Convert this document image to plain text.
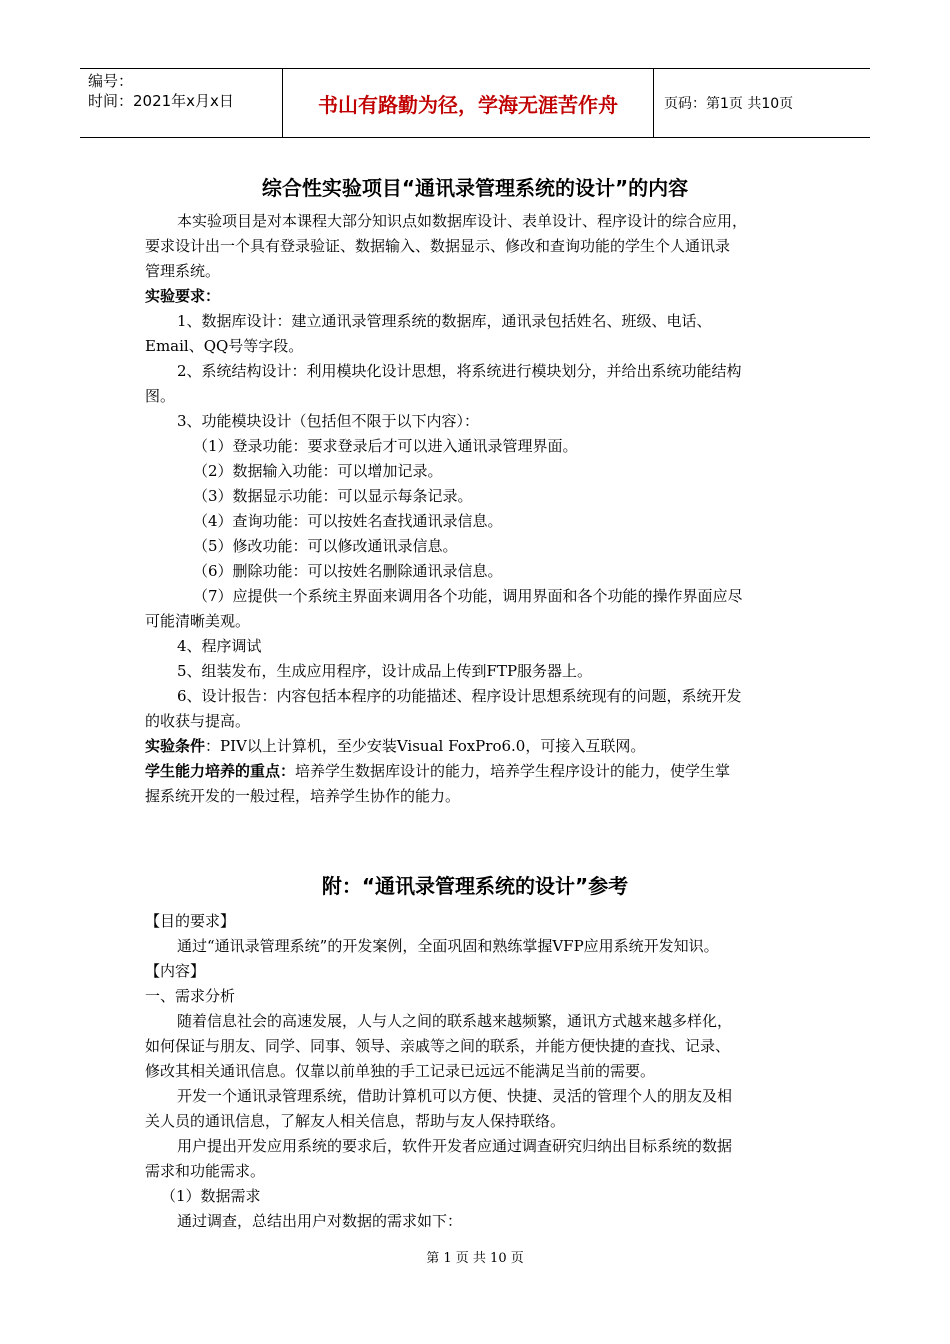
编号：
时间：2021年x月x日	书山有路勤为径，学海无涯苦作舟	页码：第1页 共10页
综合性实验项目“通讯录管理系统的设计”的内容
本实验项目是对本课程大部分知识点如数据库设计、表单设计、程序设计的综合应用，
要求设计出一个具有登录验证、数据输入、数据显示、修改和查询功能的学生个人通讯录
管理系统。
实验要求：
1、数据库设计：建立通讯录管理系统的数据库，通讯录包括姓名、班级、电话、
Email、QQ号等字段。
2、系统结构设计：利用模块化设计思想，将系统进行模块划分，并给出系统功能结构
图。
3、功能模块设计（包括但不限于以下内容）：
（1）登录功能：要求登录后才可以进入通讯录管理界面。
（2）数据输入功能：可以增加记录。
（3）数据显示功能：可以显示每条记录。
（4）查询功能：可以按姓名查找通讯录信息。
（5）修改功能：可以修改通讯录信息。
（6）删除功能：可以按姓名删除通讯录信息。
（7）应提供一个系统主界面来调用各个功能，调用界面和各个功能的操作界面应尽
可能清晰美观。
4、程序调试
5、组装发布，生成应用程序，设计成品上传到FTP服务器上。
6、设计报告：内容包括本程序的功能描述、程序设计思想系统现有的问题，系统开发
的收获与提高。
实验条件：PIV以上计算机，至少安装Visual FoxPro6.0，可接入互联网。
学生能力培养的重点：培养学生数据库设计的能力，培养学生程序设计的能力，使学生掌
握系统开发的一般过程，培养学生协作的能力。
附：“通讯录管理系统的设计”参考
【目的要求】
通过“通讯录管理系统”的开发案例，全面巩固和熟练掌握VFP应用系统开发知识。
【内容】
一、需求分析
随着信息社会的高速发展，人与人之间的联系越来越频繁，通讯方式越来越多样化，
如何保证与朋友、同学、同事、领导、亲戚等之间的联系，并能方便快捷的查找、记录、
修改其相关通讯信息。仅靠以前单独的手工记录已远远不能满足当前的需要。
开发一个通讯录管理系统，借助计算机可以方便、快捷、灵活的管理个人的朋友及相
关人员的通讯信息，了解友人相关信息，帮助与友人保持联络。
用户提出开发应用系统的要求后，软件开发者应通过调查研究归纳出目标系统的数据
需求和功能需求。
（1）数据需求
通过调查，总结出用户对数据的需求如下：
第 1 页 共 10 页
